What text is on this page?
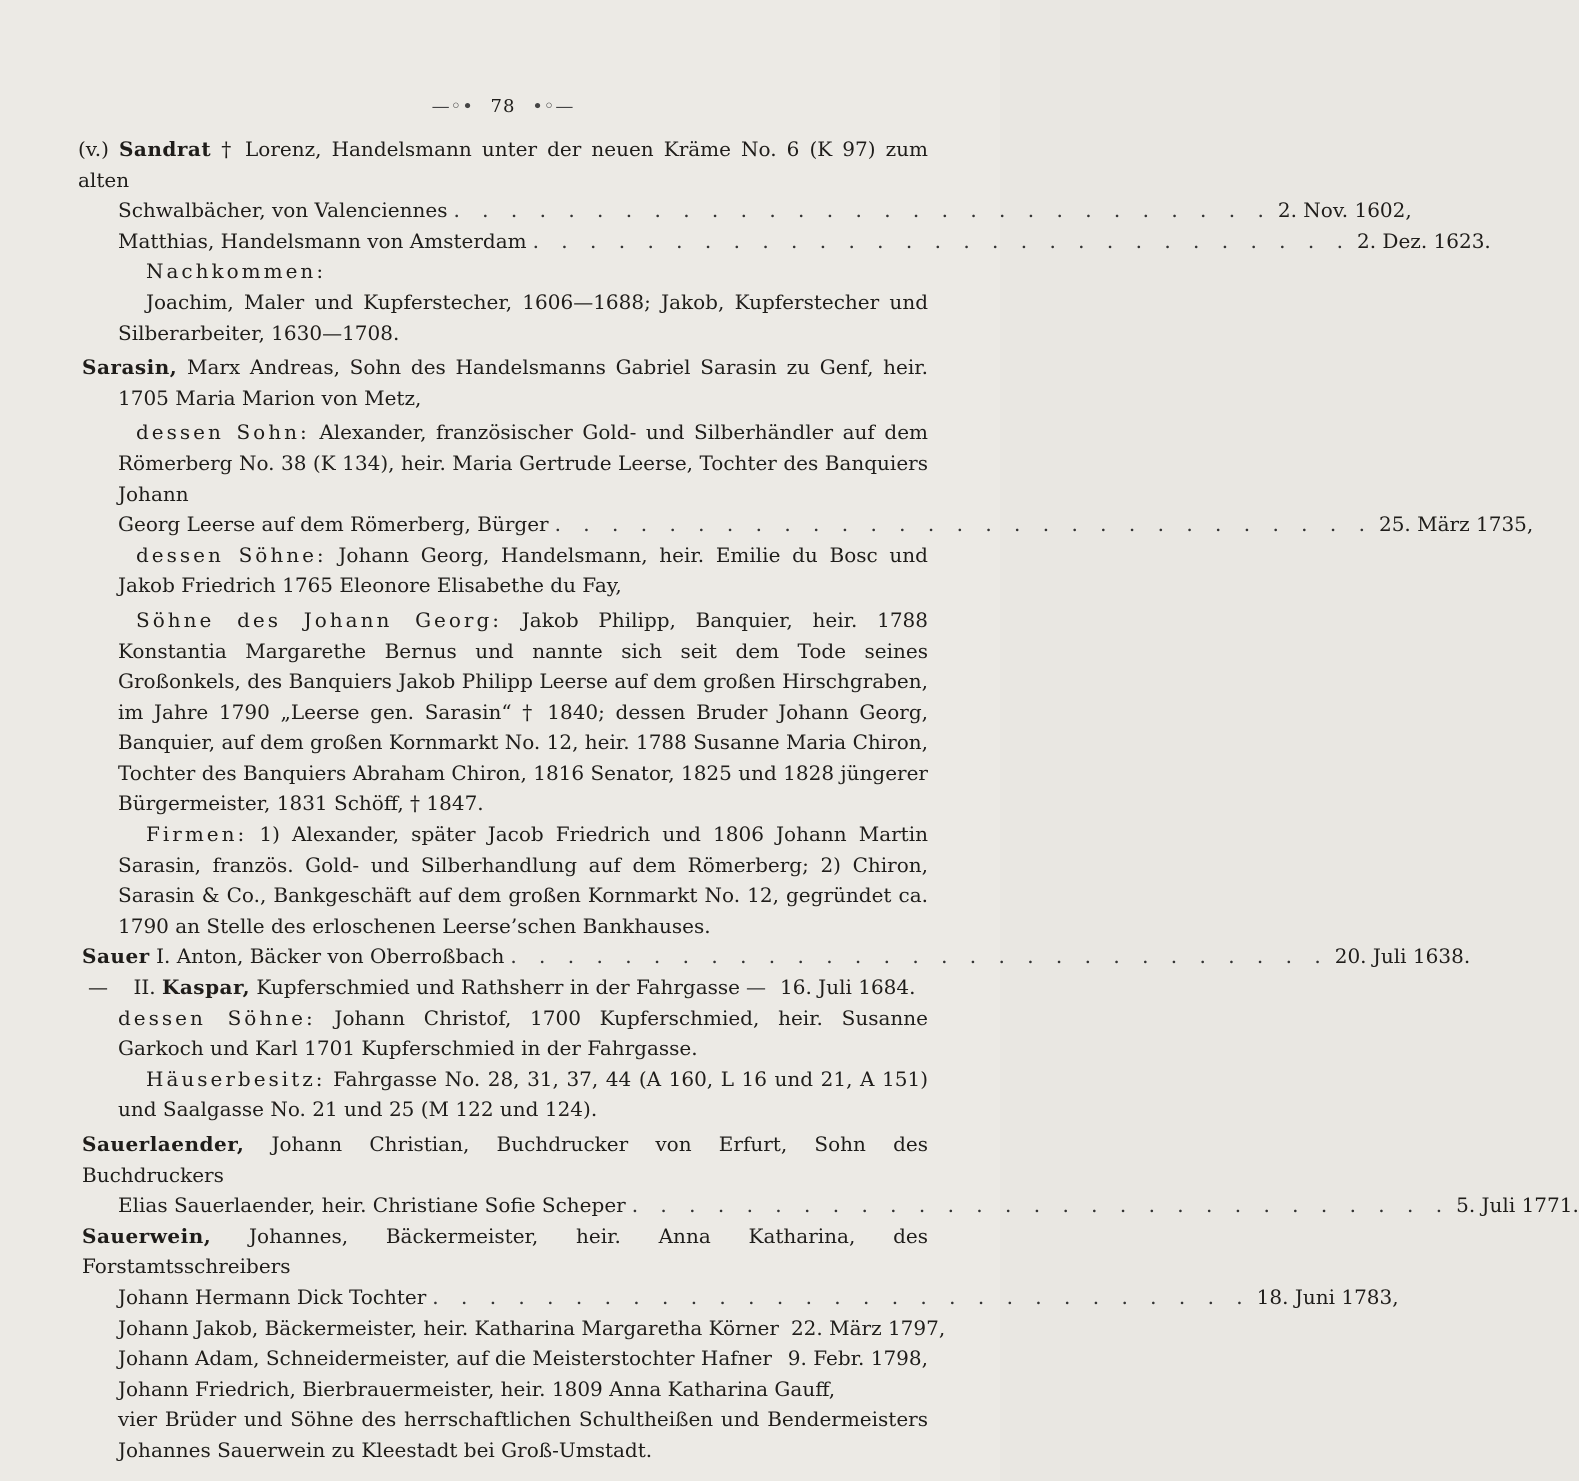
—◦• 78 •◦—

(v.) Sandrat † Lorenz, Handelsmann unter der neuen Kräme No. 6 (K 97) zum alten

Schwalbächer, von Valenciennes . . . . . . . . . . . . . . . . . . . . . . . . . . . . . 2. Nov. 1602,
Matthias, Handelsmann von Amsterdam . . . . . . . . . . . . . . . . . . . . . . . . . . . . . 2. Dez. 1623.

Nachkommen:

Joachim, Maler und Kupferstecher, 1606—1688; Jakob, Kupferstecher und Silberarbeiter, 1630—1708.

Sarasin, Marx Andreas, Sohn des Handelsmanns Gabriel Sarasin zu Genf, heir. 1705 Maria Marion von Metz,

dessen Sohn: Alexander, französischer Gold- und Silberhändler auf dem Römerberg No. 38 (K 134), heir. Maria Gertrude Leerse, Tochter des Banquiers Johann

Georg Leerse auf dem Römerberg, Bürger . . . . . . . . . . . . . . . . . . . . . . . . . . . . . 25. März 1735,

dessen Söhne: Johann Georg, Handelsmann, heir. Emilie du Bosc und Jakob Friedrich 1765 Eleonore Elisabethe du Fay,

Söhne des Johann Georg: Jakob Philipp, Banquier, heir. 1788 Konstantia Margarethe Bernus und nannte sich seit dem Tode seines Großonkels, des Banquiers Jakob Philipp Leerse auf dem großen Hirschgraben, im Jahre 1790 „Leerse gen. Sarasin“ † 1840; dessen Bruder Johann Georg, Banquier, auf dem großen Kornmarkt No. 12, heir. 1788 Susanne Maria Chiron, Tochter des Banquiers Abraham Chiron, 1816 Senator, 1825 und 1828 jüngerer Bürgermeister, 1831 Schöff, † 1847.

Firmen: 1) Alexander, später Jacob Friedrich und 1806 Johann Martin Sarasin, französ. Gold- und Silberhandlung auf dem Römerberg; 2) Chiron, Sarasin & Co., Bankgeschäft auf dem großen Kornmarkt No. 12, gegründet ca. 1790 an Stelle des erloschenen Leerse’schen Bankhauses.

Sauer I. Anton, Bäcker von Oberroßbach . . . . . . . . . . . . . . . . . . . . . . . . . . . . . 20. Juli 1638.
— II. Kaspar, Kupferschmied und Rathsherr in der Fahrgasse — 16. Juli 1684.

dessen Söhne: Johann Christof, 1700 Kupferschmied, heir. Susanne Garkoch und Karl 1701 Kupferschmied in der Fahrgasse.

Häuserbesitz: Fahrgasse No. 28, 31, 37, 44 (A 160, L 16 und 21, A 151) und Saalgasse No. 21 und 25 (M 122 und 124).

Sauerlaender, Johann Christian, Buchdrucker von Erfurt, Sohn des Buchdruckers

Elias Sauerlaender, heir. Christiane Sofie Scheper . . . . . . . . . . . . . . . . . . . . . . . . . . . . . 5. Juli 1771.

Sauerwein, Johannes, Bäckermeister, heir. Anna Katharina, des Forstamtsschreibers

Johann Hermann Dick Tochter . . . . . . . . . . . . . . . . . . . . . . . . . . . . . 18. Juni 1783,
Johann Jakob, Bäckermeister, heir. Katharina Margaretha Körner 22. März 1797,
Johann Adam, Schneidermeister, auf die Meisterstochter Hafner 9. Febr. 1798,

Johann Friedrich, Bierbrauermeister, heir. 1809 Anna Katharina Gauff,

vier Brüder und Söhne des herrschaftlichen Schultheißen und Bendermeisters Johannes Sauerwein zu Kleestadt bei Groß-Umstadt.
